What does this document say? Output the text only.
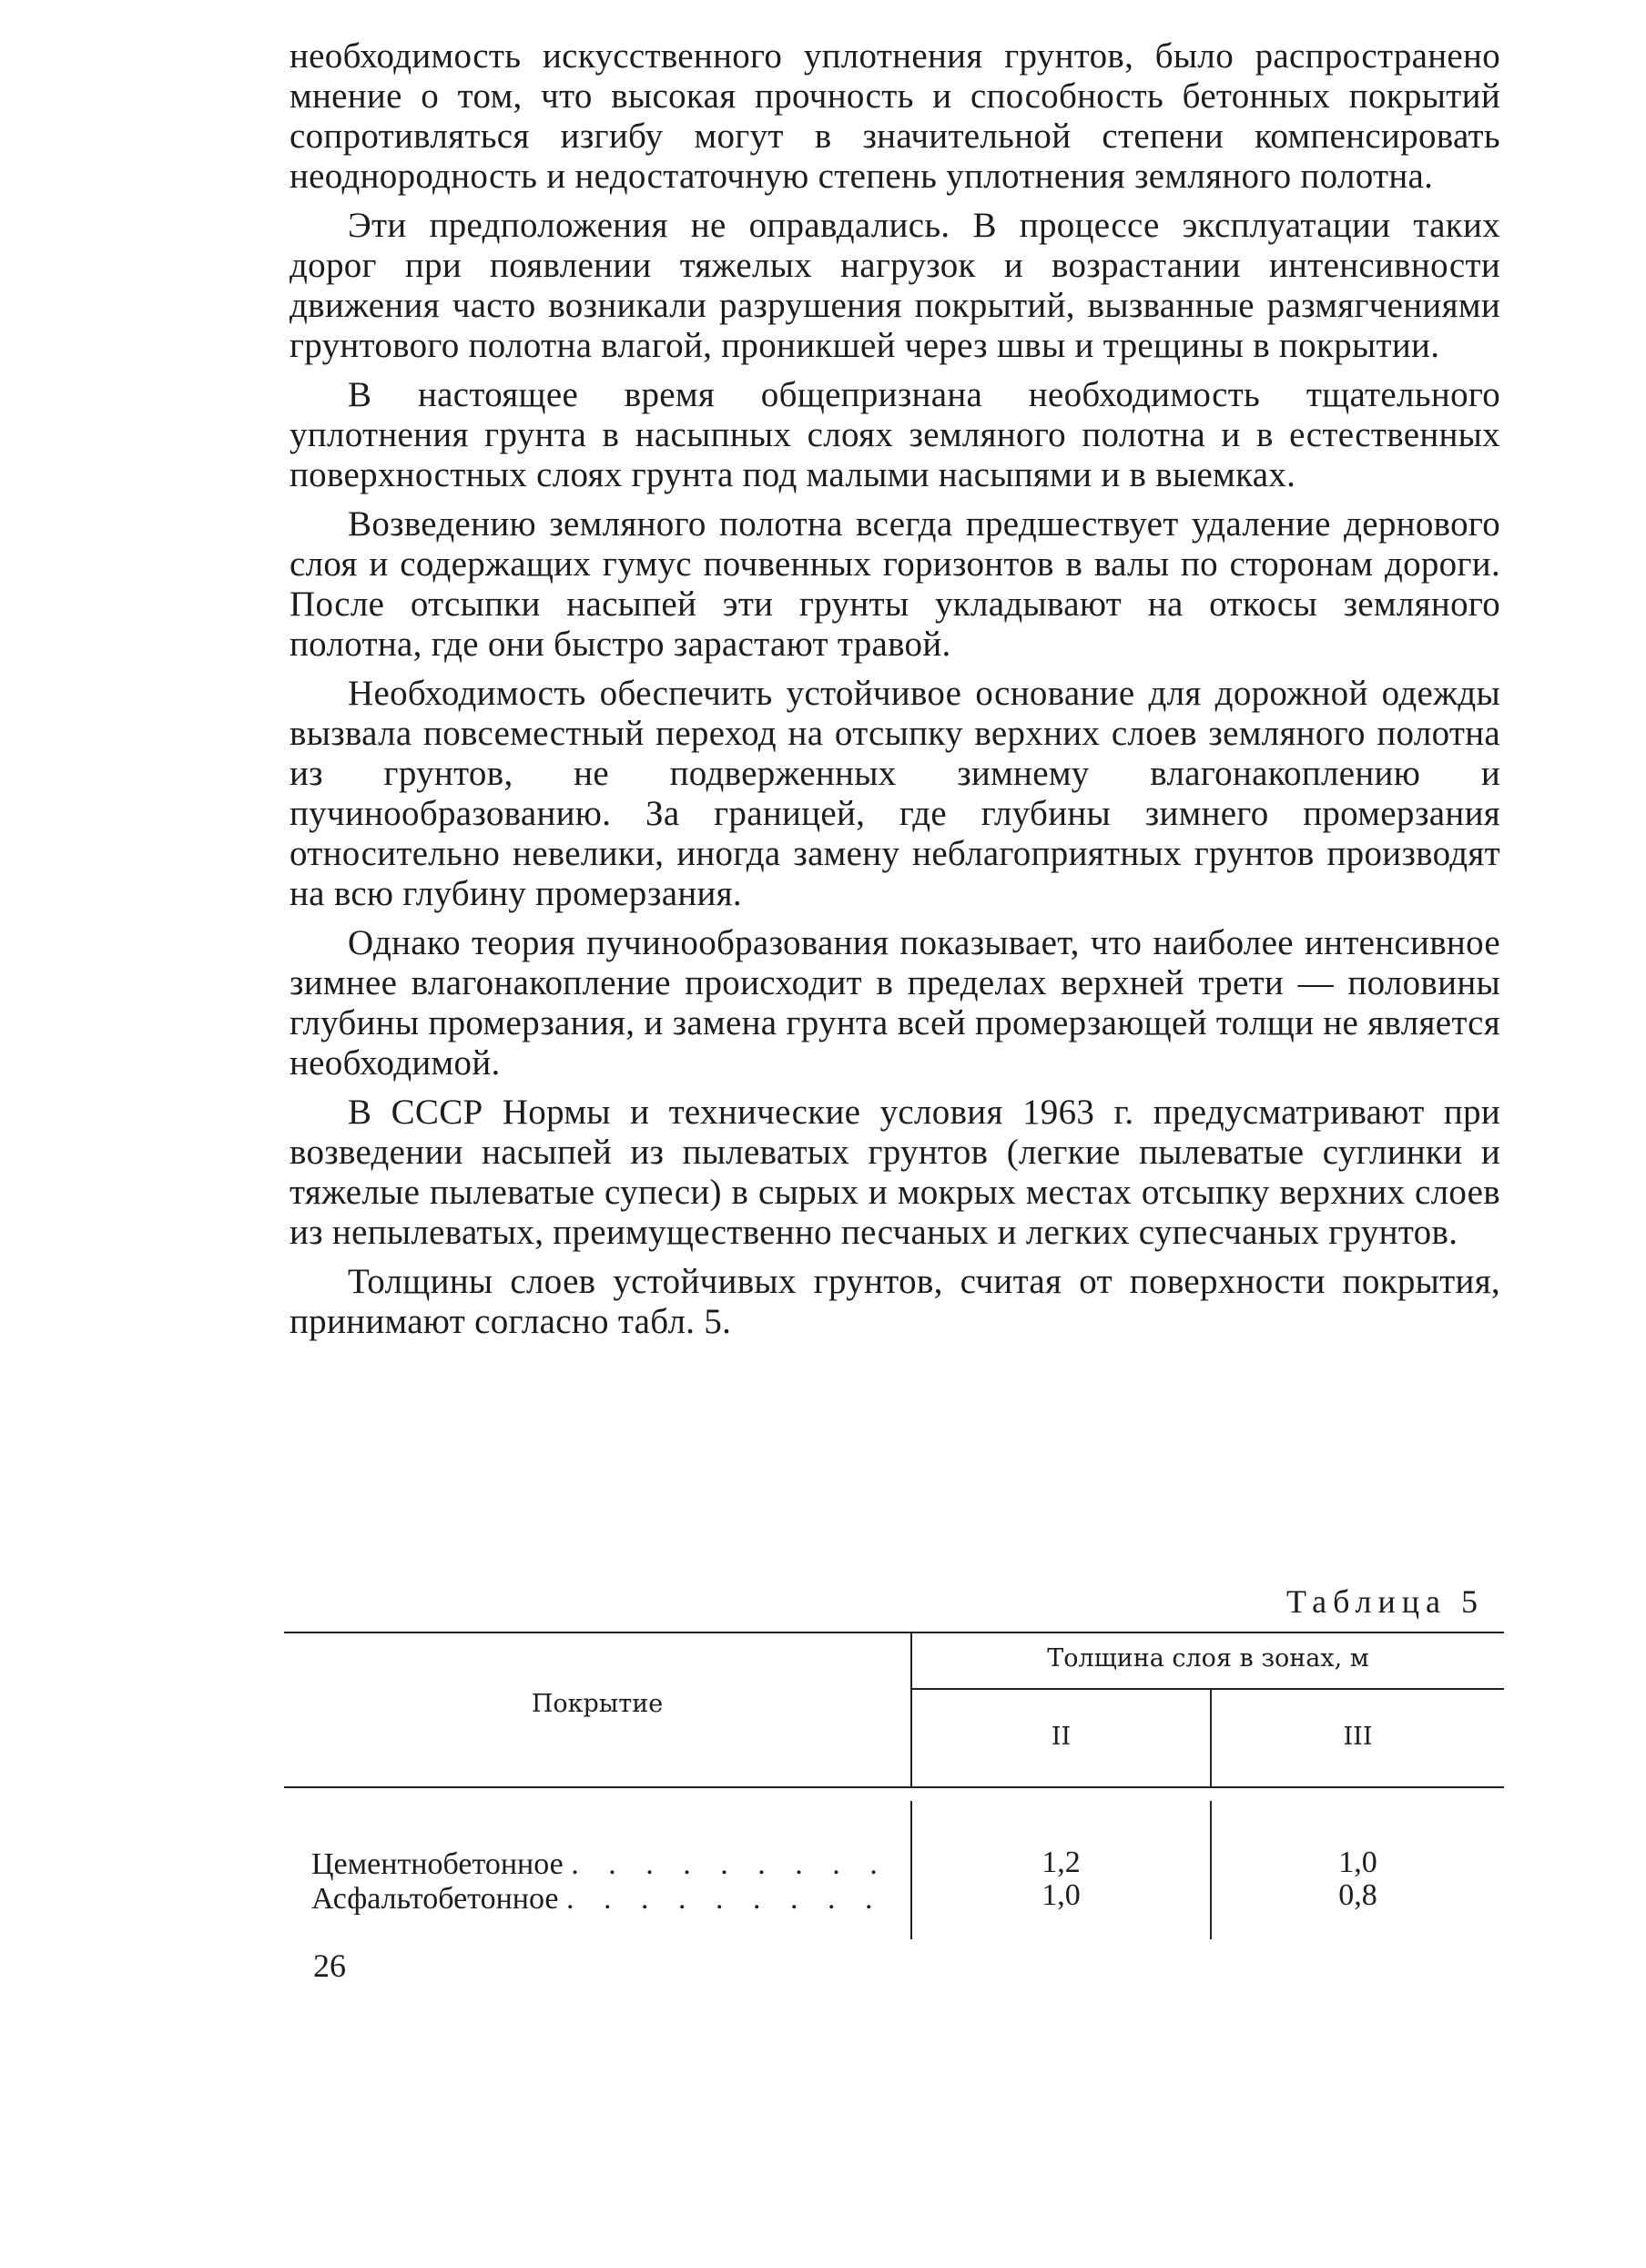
необходимость искусственного уплотнения грунтов, было распространено мнение о том, что высокая прочность и способность бетонных покрытий сопротивляться изгибу могут в значительной степени компенсировать неоднородность и недостаточную степень уплотнения земляного полотна.

Эти предположения не оправдались. В процессе эксплуатации таких дорог при появлении тяжелых нагрузок и возрастании интенсивности движения часто возникали разрушения покрытий, вызванные размягчениями грунтового полотна влагой, проникшей через швы и трещины в покрытии.

В настоящее время общепризнана необходимость тщательного уплотнения грунта в насыпных слоях земляного полотна и в естественных поверхностных слоях грунта под малыми насыпями и в выемках.

Возведению земляного полотна всегда предшествует удаление дернового слоя и содержащих гумус почвенных горизонтов в валы по сторонам дороги. После отсыпки насыпей эти грунты укладывают на откосы земляного полотна, где они быстро зарастают травой.

Необходимость обеспечить устойчивое основание для дорожной одежды вызвала повсеместный переход на отсыпку верхних слоев земляного полотна из грунтов, не подверженных зимнему влагонакоплению и пучинообразованию. За границей, где глубины зимнего промерзания относительно невелики, иногда замену неблагоприятных грунтов производят на всю глубину промерзания.

Однако теория пучинообразования показывает, что наиболее интенсивное зимнее влагонакопление происходит в пределах верхней трети — половины глубины промерзания, и замена грунта всей промерзающей толщи не является необходимой.

В СССР Нормы и технические условия 1963 г. предусматривают при возведении насыпей из пылеватых грунтов (легкие пылеватые суглинки и тяжелые пылеватые супеси) в сырых и мокрых местах отсыпку верхних слоев из непылеватых, преимущественно песчаных и легких супесчаных грунтов.

Толщины слоев устойчивых грунтов, считая от поверхности покрытия, принимают согласно табл. 5.

Таблица 5
Покрытие
Толщина слоя в зонах, м
II	III
Цементнобетонное . . . . . . . . .	1,2	1,0
Асфальтобетонное . . . . . . . . .	1,0	0,8
26
